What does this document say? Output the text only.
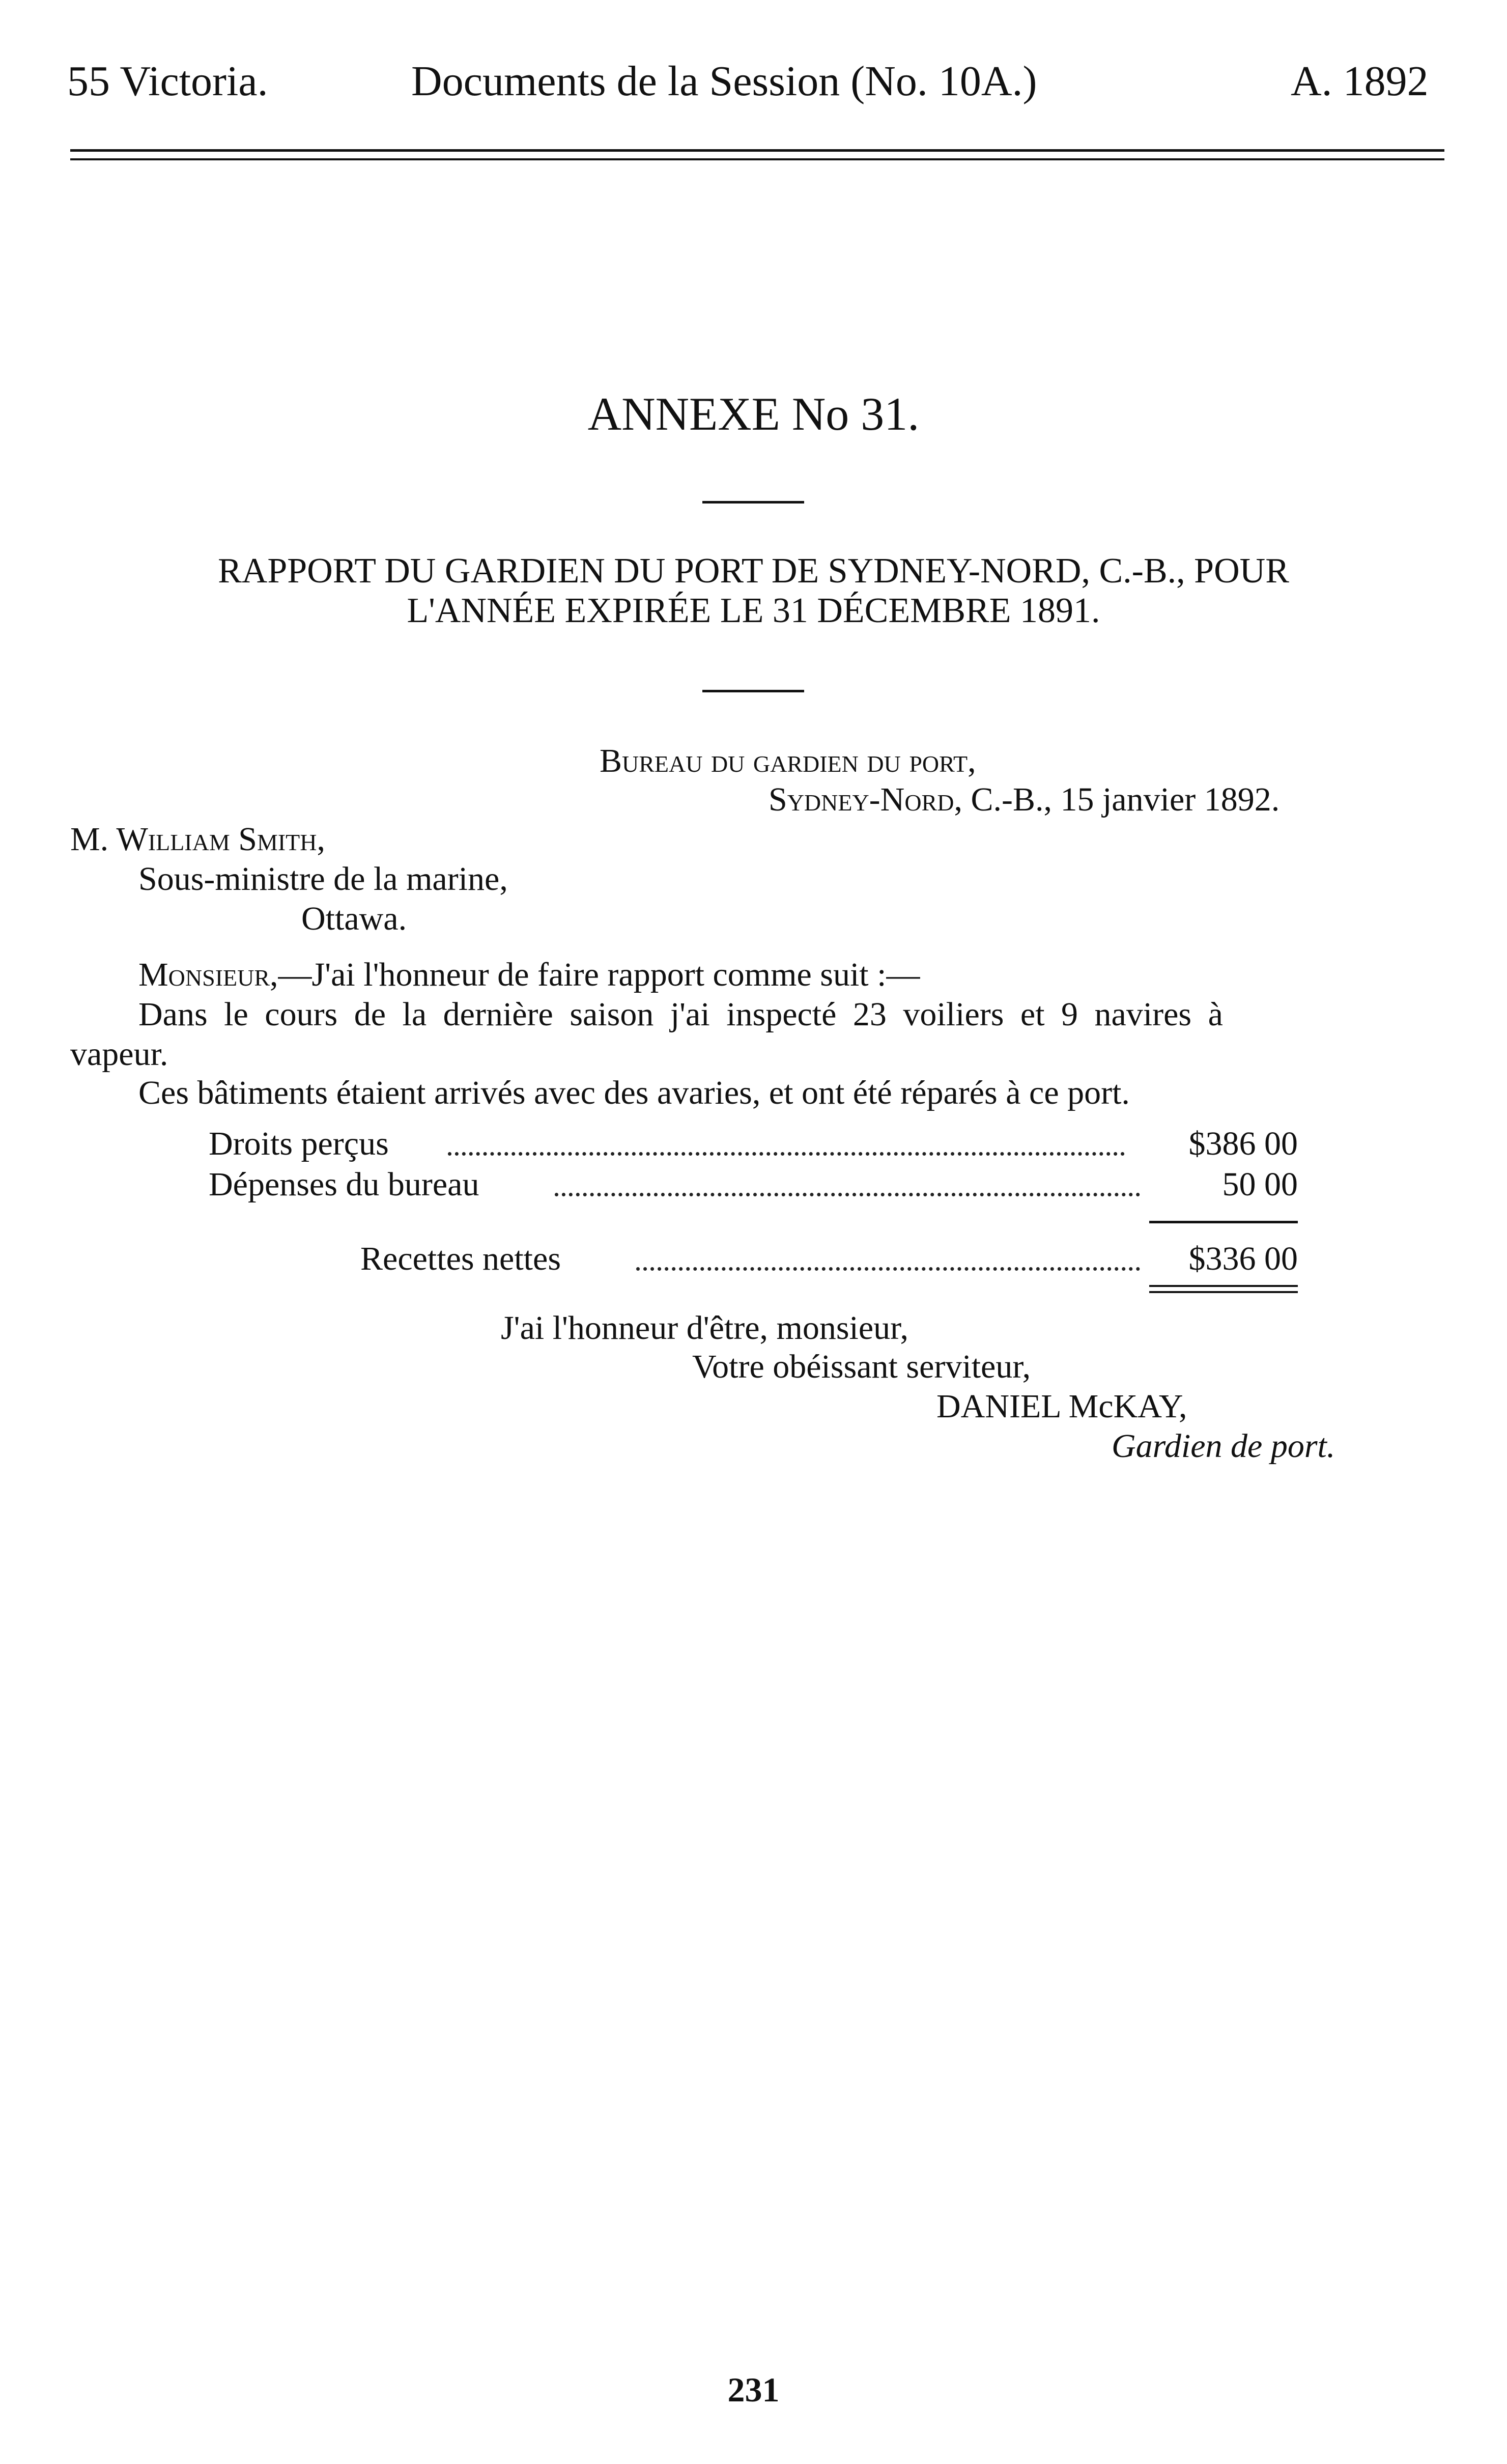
55 Victoria.	Documents de la Session (No. 10A.)	A. 1892
ANNEXE No 31.
RAPPORT DU GARDIEN DU PORT DE SYDNEY-NORD, C.-B., POUR
L'ANNÉE EXPIRÉE LE 31 DÉCEMBRE 1891.
Bureau du gardien du port,
Sydney-Nord, C.-B., 15 janvier 1892.
M. William Smith,
Sous-ministre de la marine,
Ottawa.
Monsieur,—J'ai l'honneur de faire rapport comme suit :—
Dans le cours de la dernière saison j'ai inspecté 23 voiliers et 9 navires à
vapeur.
Ces bâtiments étaient arrivés avec des avaries, et ont été réparés à ce port.
Droits perçus	$386 00
Dépenses du bureau	50 00
Recettes nettes	$336 00
J'ai l'honneur d'être, monsieur,
Votre obéissant serviteur,
DANIEL McKAY,
Gardien de port.
231
